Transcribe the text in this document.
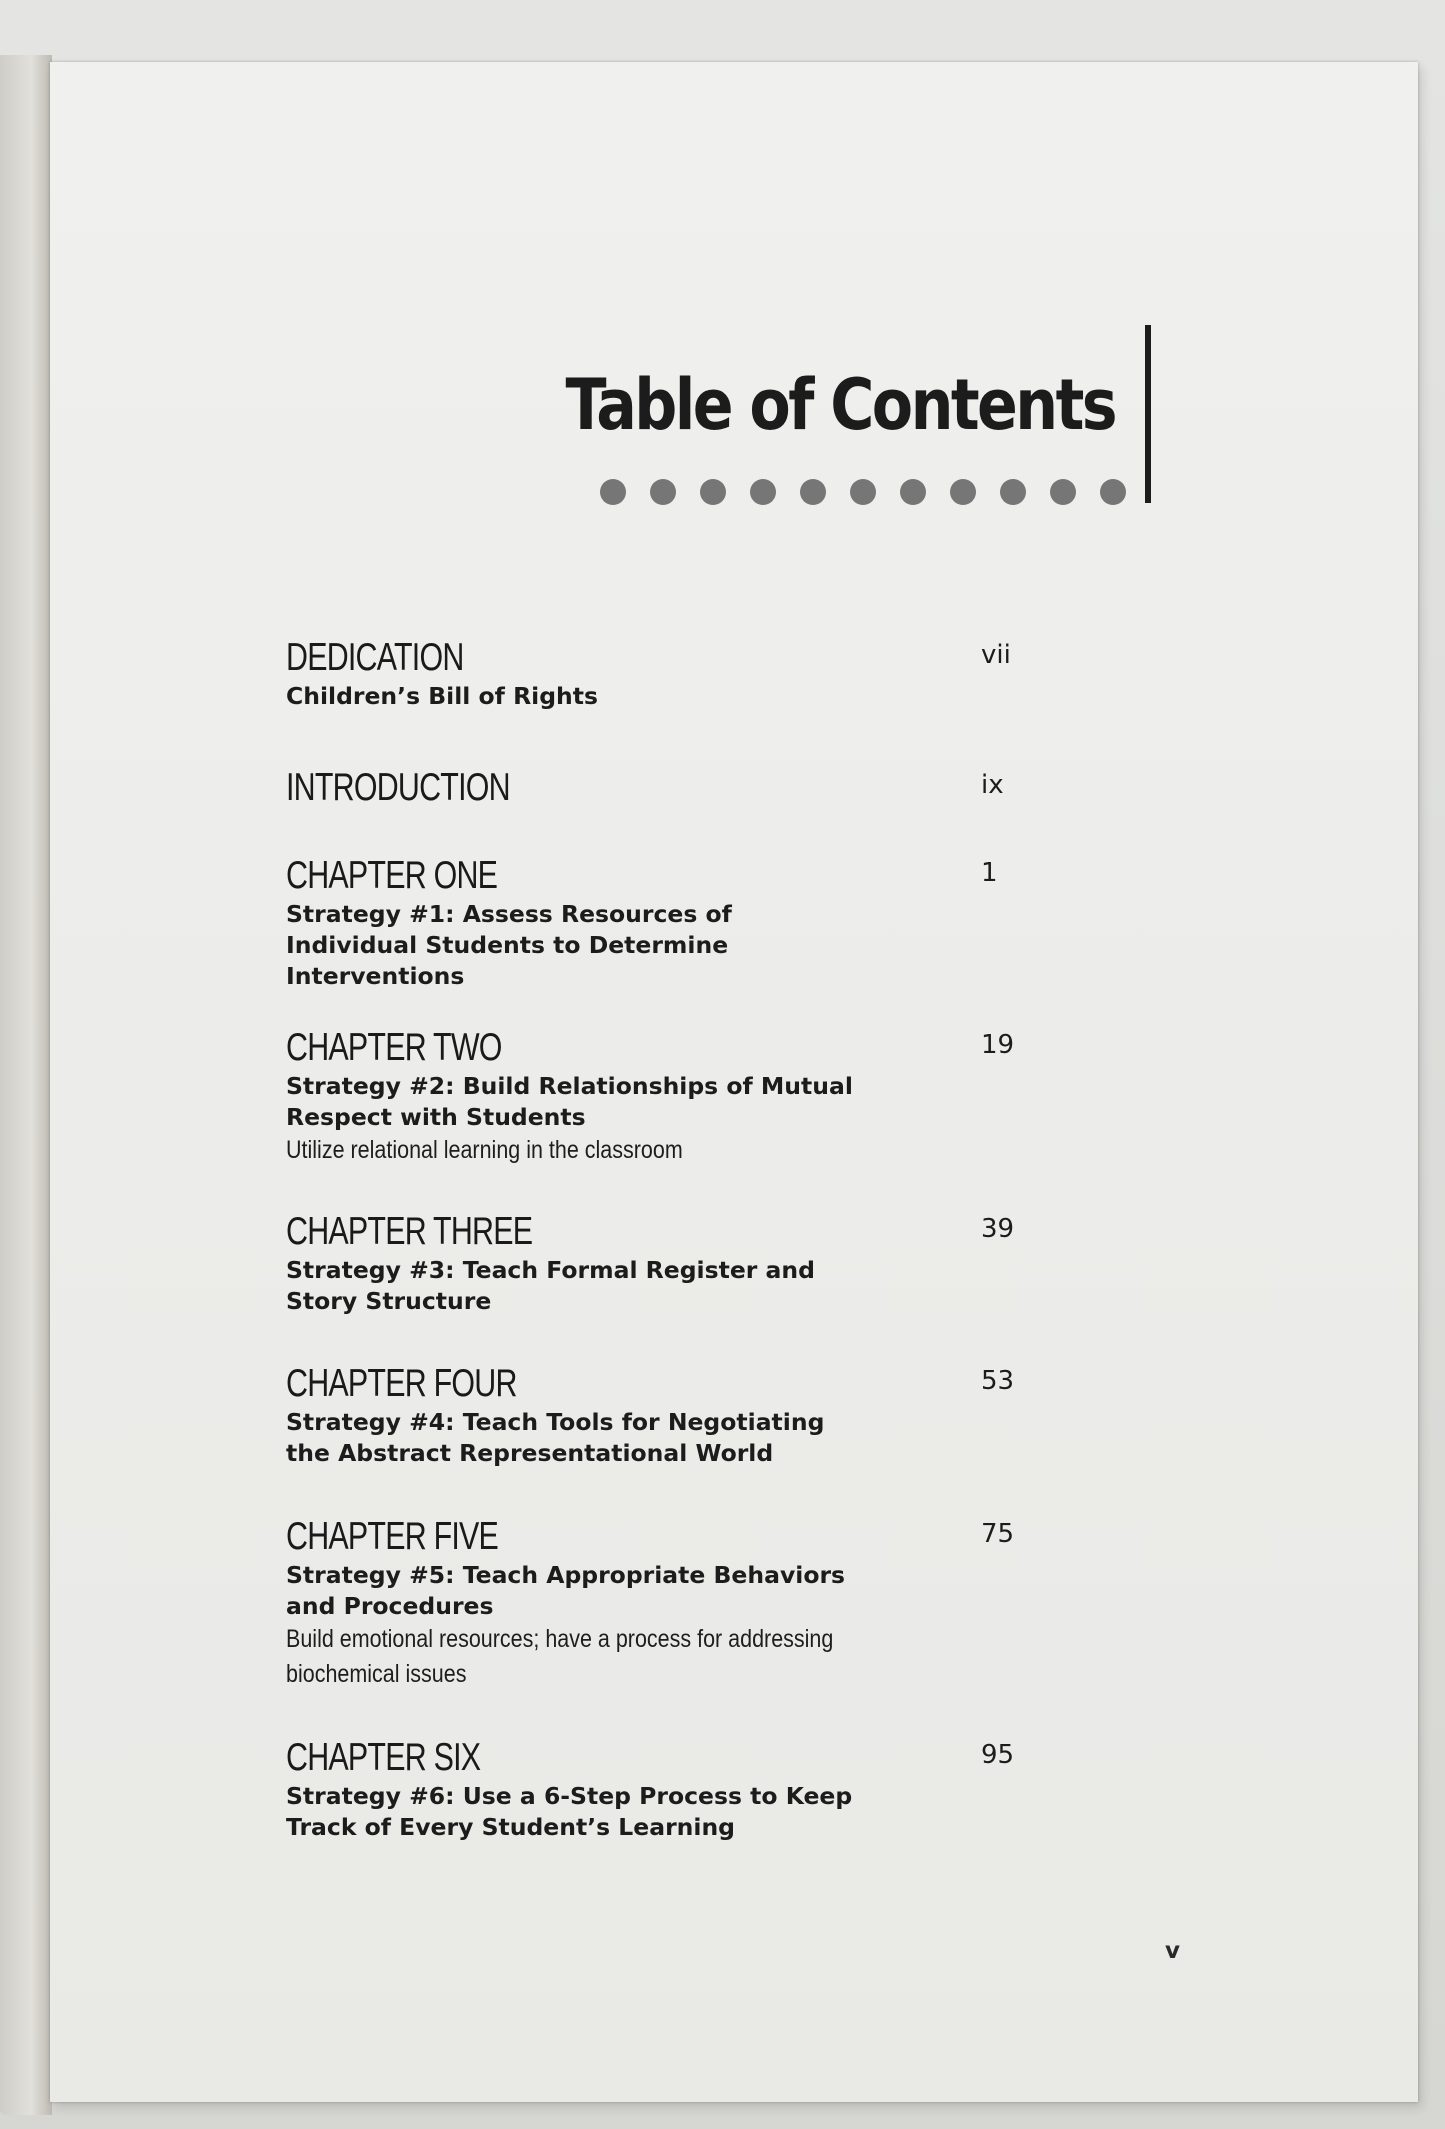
Table of Contents
DEDICATION	vii
Children’s Bill of Rights
INTRODUCTION	ix
CHAPTER ONE	1
Strategy #1: Assess Resources of
Individual Students to Determine
Interventions
CHAPTER TWO	19
Strategy #2: Build Relationships of Mutual
Respect with Students
Utilize relational learning in the classroom
CHAPTER THREE	39
Strategy #3: Teach Formal Register and
Story Structure
CHAPTER FOUR	53
Strategy #4: Teach Tools for Negotiating
the Abstract Representational World
CHAPTER FIVE	75
Strategy #5: Teach Appropriate Behaviors
and Procedures
Build emotional resources; have a process for addressing
biochemical issues
CHAPTER SIX	95
Strategy #6: Use a 6-Step Process to Keep
Track of Every Student’s Learning
v
